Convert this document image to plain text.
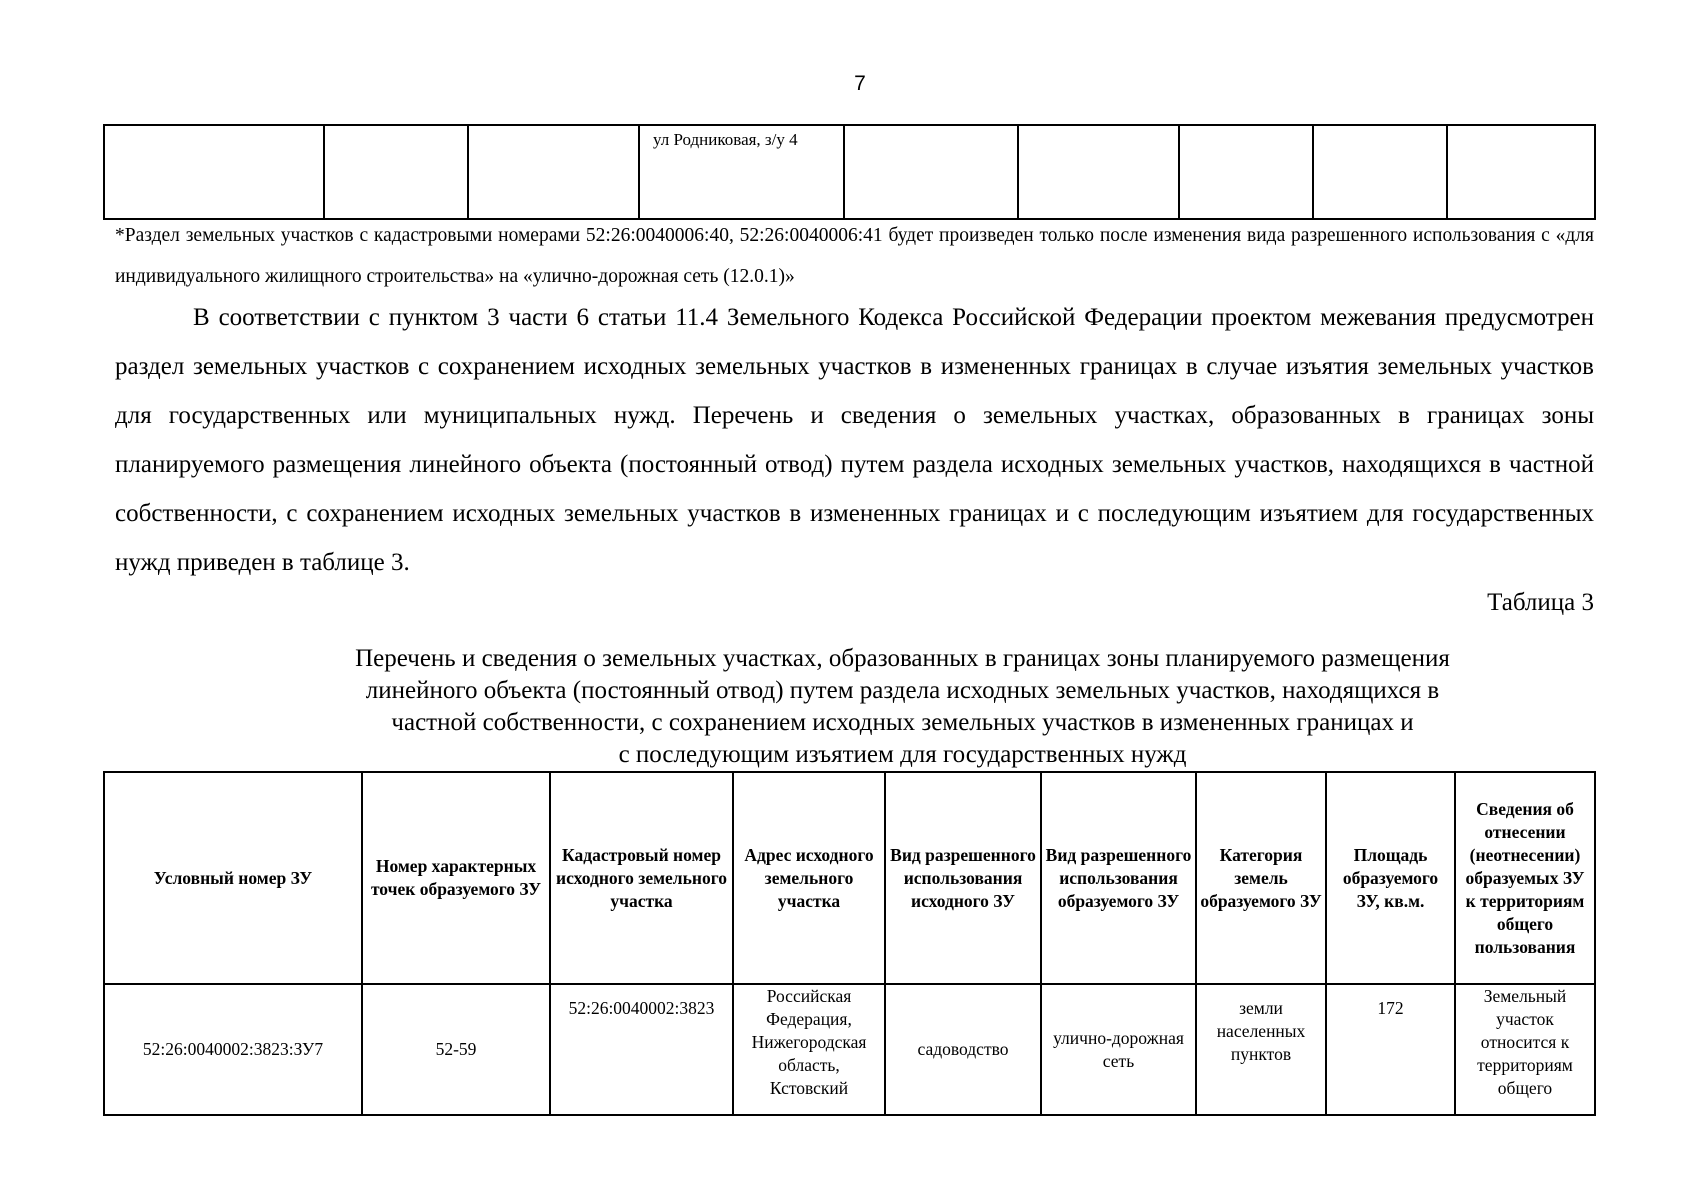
7
			ул Родниковая, з/у 4					
*Раздел земельных участков с кадастровыми номерами 52:26:0040006:40, 52:26:0040006:41 будет произведен только после изменения вида разрешенного использования с «для индивидуального жилищного строительства» на «улично-дорожная сеть (12.0.1)»
В соответствии с пунктом 3 части 6 статьи 11.4 Земельного Кодекса Российской Федерации проектом межевания предусмотрен раздел земельных участков с сохранением исходных земельных участков в измененных границах в случае изъятия земельных участков для государственных или муниципальных нужд. Перечень и сведения о земельных участках, образованных в границах зоны планируемого размещения линейного объекта (постоянный отвод) путем раздела исходных земельных участков, находящихся в частной собственности, с сохранением исходных земельных участков в измененных границах и с последующим изъятием для государственных нужд приведен в таблице 3.
Таблица 3
Перечень и сведения о земельных участках, образованных в границах зоны планируемого размещения
линейного объекта (постоянный отвод) путем раздела исходных земельных участков, находящихся в
частной собственности, с сохранением исходных земельных участков в измененных границах и
с последующим изъятием для государственных нужд
Условный номер ЗУ	Номер характерных точек образуемого ЗУ	Кадастровый номер исходного земельного участка	Адрес исходного земельного участка	Вид разрешенного использования исходного ЗУ	Вид разрешенного использования образуемого ЗУ	Категория земель образуемого ЗУ	Площадь образуемого ЗУ, кв.м.	Сведения об отнесении (неотнесении) образуемых ЗУ к территориям общего пользования
52:26:0040002:3823:ЗУ7	52-59	52:26:0040002:3823	Российская Федерация, Нижегородская область, Кстовский	садоводство	улично-дорожная сеть	земли населенных пунктов	172	Земельный участок относится к территориям общего
